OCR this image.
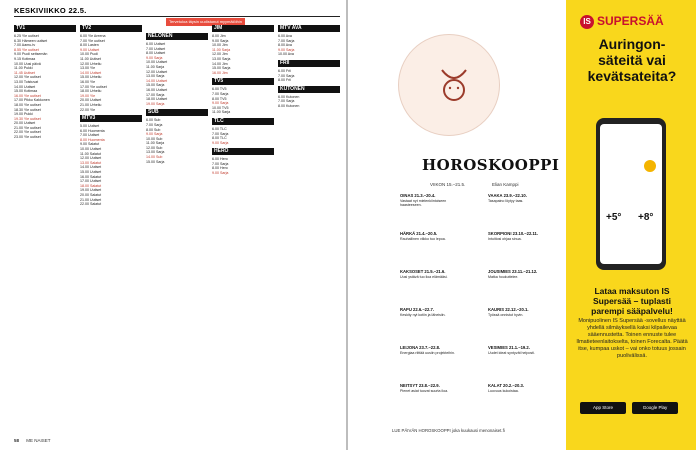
KESKIVIIKKO 22.5.
Tervetuloa täysin uudistunut myymälöihin
TV1
6.25 Yle uutiset
6.30 Hämeen uutiset
7.00 Aamu-tv
8.55 Yle uutiset
9.00 Puoli seitsemän
9.15 Kotimaa
10.00 Uusi päivä
11.00 Pukki
11.45 Uutiset
12.00 Yle uutiset
13.00 Toistuvat
14.00 Uutiset
15.00 Kotimaa
16.00 Yle uutiset
17.00 Pikku Kakkonen
18.00 Yle uutiset
18.30 Yle uutiset
19.00 Pukki
19.30 Yle uutiset
20.00 Uutiset
21.00 Yle uutiset
22.00 Yle uutiset
23.00 Yle uutiset
TV2
6.00 Yle Areena
7.00 Yle uutiset
8.00 Lasten
9.00 Uutiset
10.00 Puoli
11.00 Uutiset
12.00 Urheilu
13.00 Yle
14.00 Uutiset
15.00 Urheilu
16.00 Yle
17.00 Yle uutiset
18.00 Urheilu
19.00 Yle
20.00 Uutiset
21.00 Urheilu
22.00 Yle
MTV3
5.00 Uutiset
6.00 Huomenta
7.00 Uutiset
8.00 Huomenta
9.00 Salatut
10.00 Uutiset
11.00 Salatut
12.00 Uutiset
13.00 Salatut
14.00 Uutiset
15.00 Uutiset
16.00 Salatut
17.00 Uutiset
18.00 Salatut
19.00 Uutiset
20.00 Salatut
21.00 Uutiset
22.00 Salatut
NELONEN
6.00 Uutiset
7.00 Uutiset
8.00 Uutiset
9.00 Sarja
10.00 Uutiset
11.00 Sarja
12.00 Uutiset
13.00 Sarja
14.00 Uutiset
15.00 Sarja
16.00 Uutiset
17.00 Sarja
18.00 Uutiset
19.00 Sarja
SUB
6.00 Sub
7.00 Sarja
8.00 Sub
9.00 Sarja
10.00 Sub
11.00 Sarja
12.00 Sub
13.00 Sarja
14.00 Sub
15.00 Sarja
JIM
8.00 Jim
9.00 Sarja
10.00 Jim
11.00 Sarja
12.00 Jim
13.00 Sarja
14.00 Jim
15.00 Sarja
16.00 Jim
TV5
6.00 TV5
7.00 Sarja
8.00 TV5
9.00 Sarja
10.00 TV5
11.00 Sarja
TLC
6.00 TLC
7.00 Sarja
8.00 TLC
9.00 Sarja
HERO
6.00 Hero
7.00 Sarja
8.00 Hero
9.00 Sarja
MTV AVA
6.00 Ava
7.00 Sarja
8.00 Ava
9.00 Sarja
10.00 Ava
FRII
6.00 Frii
7.00 Sarja
8.00 Frii
KUTONEN
6.00 Kutonen
7.00 Sarja
8.00 Kutonen
58 ME NAISET
HOROSKOOPPI
VIIKON 15.–21.5.	Elian Kamppi
OINAS 21.3.–20.4.
Vastaat nyt mielenkiintoiseen haasteeseen.
HÄRKÄ 21.4.–20.5.
Rauhallinen viikko tuo lepoa.
KAKSOSET 21.5.–21.6.
Uusi ystävä tuo iloa elämääsi.
RAPU 22.6.–22.7.
Keskity nyt kotiin ja läheisiin.
LEIJONA 23.7.–22.8.
Energiaa riittää uusiin projekteihin.
NEITSYT 23.8.–22.9.
Pienet asiat tuovat suurta iloa.
VAAKA 23.9.–22.10.
Tasapaino löytyy taas.
SKORPIONI 23.10.–22.11.
Intuitiosi ohjaa sinua.
JOUSIMIES 23.11.–21.12.
Matka houkuttelee.
KAURIS 22.12.–20.1.
Työssä onnistut hyvin.
VESIMIES 21.1.–19.2.
Uudet ideat syntyvät helposti.
KALAT 20.2.–20.3.
Luovuus kukoistaa.
LUE PÄIVÄN HOROSKOOPPI joka kuukausi menonaiset.fi
IS SUPERSÄÄ
Auringon-säteitä vai kevätsateita?
+5° +8°
Lataa maksuton IS Supersää – tuplasti parempi sääpalvelu!
Monipuolinen IS Supersää -sovellus näyttää yhdellä silmäyksellä kaksi kilpailevaa sääennustetta. Toinen ennuste tulee Ilmatieteenlaitokselta, toinen Forecalta. Päätä itse, kumpaa uskot – vai onko totuus jossain puolivälissä.
App Store	Google Play
